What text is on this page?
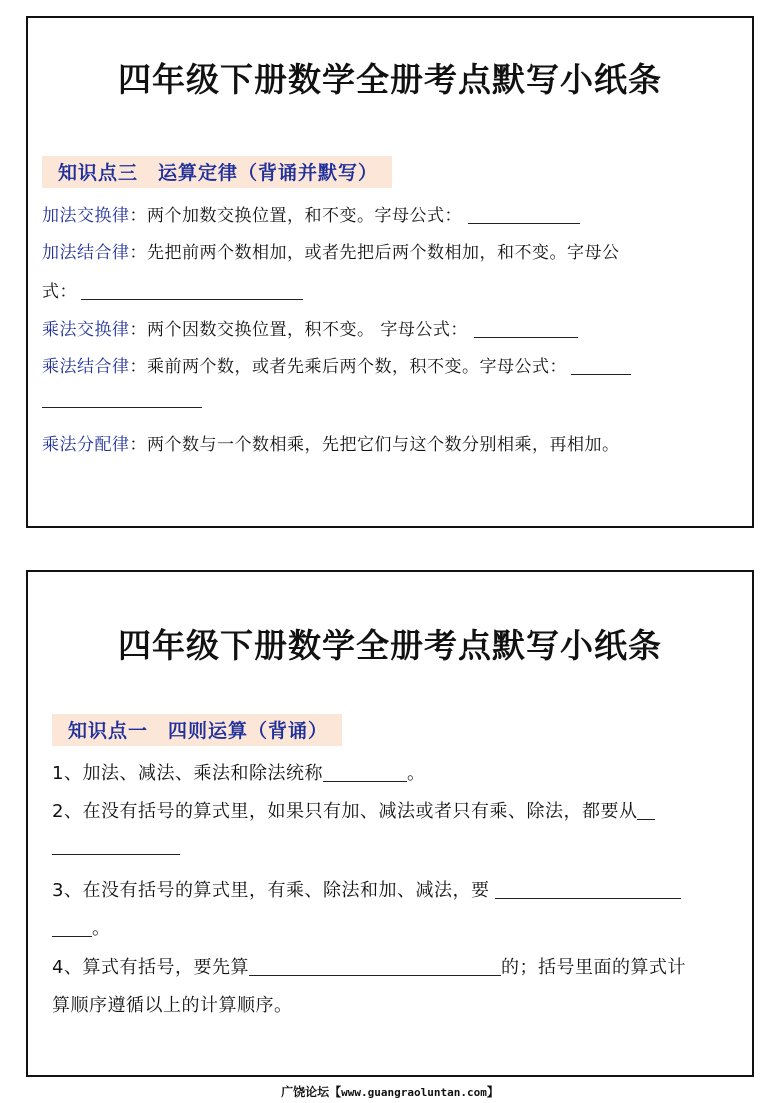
四年级下册数学全册考点默写小纸条
知识点三　运算定律（背诵并默写）
加法交换律：两个加数交换位置，和不变。字母公式：
加法结合律：先把前两个数相加，或者先把后两个数相加，和不变。字母公
式：
乘法交换律：两个因数交换位置，积不变。 字母公式：
乘法结合律：乘前两个数，或者先乘后两个数，积不变。字母公式：
乘法分配律：两个数与一个数相乘，先把它们与这个数分别相乘，再相加。
四年级下册数学全册考点默写小纸条
知识点一　四则运算（背诵）
1、加法、减法、乘法和除法统称	。
2、在没有括号的算式里，如果只有加、减法或者只有乘、除法，都要从
3、在没有括号的算式里，有乘、除法和加、减法，要
。
4、算式有括号，要先算	的；括号里面的算式计
算顺序遵循以上的计算顺序。
广饶论坛【www.guangraoluntan.com】
